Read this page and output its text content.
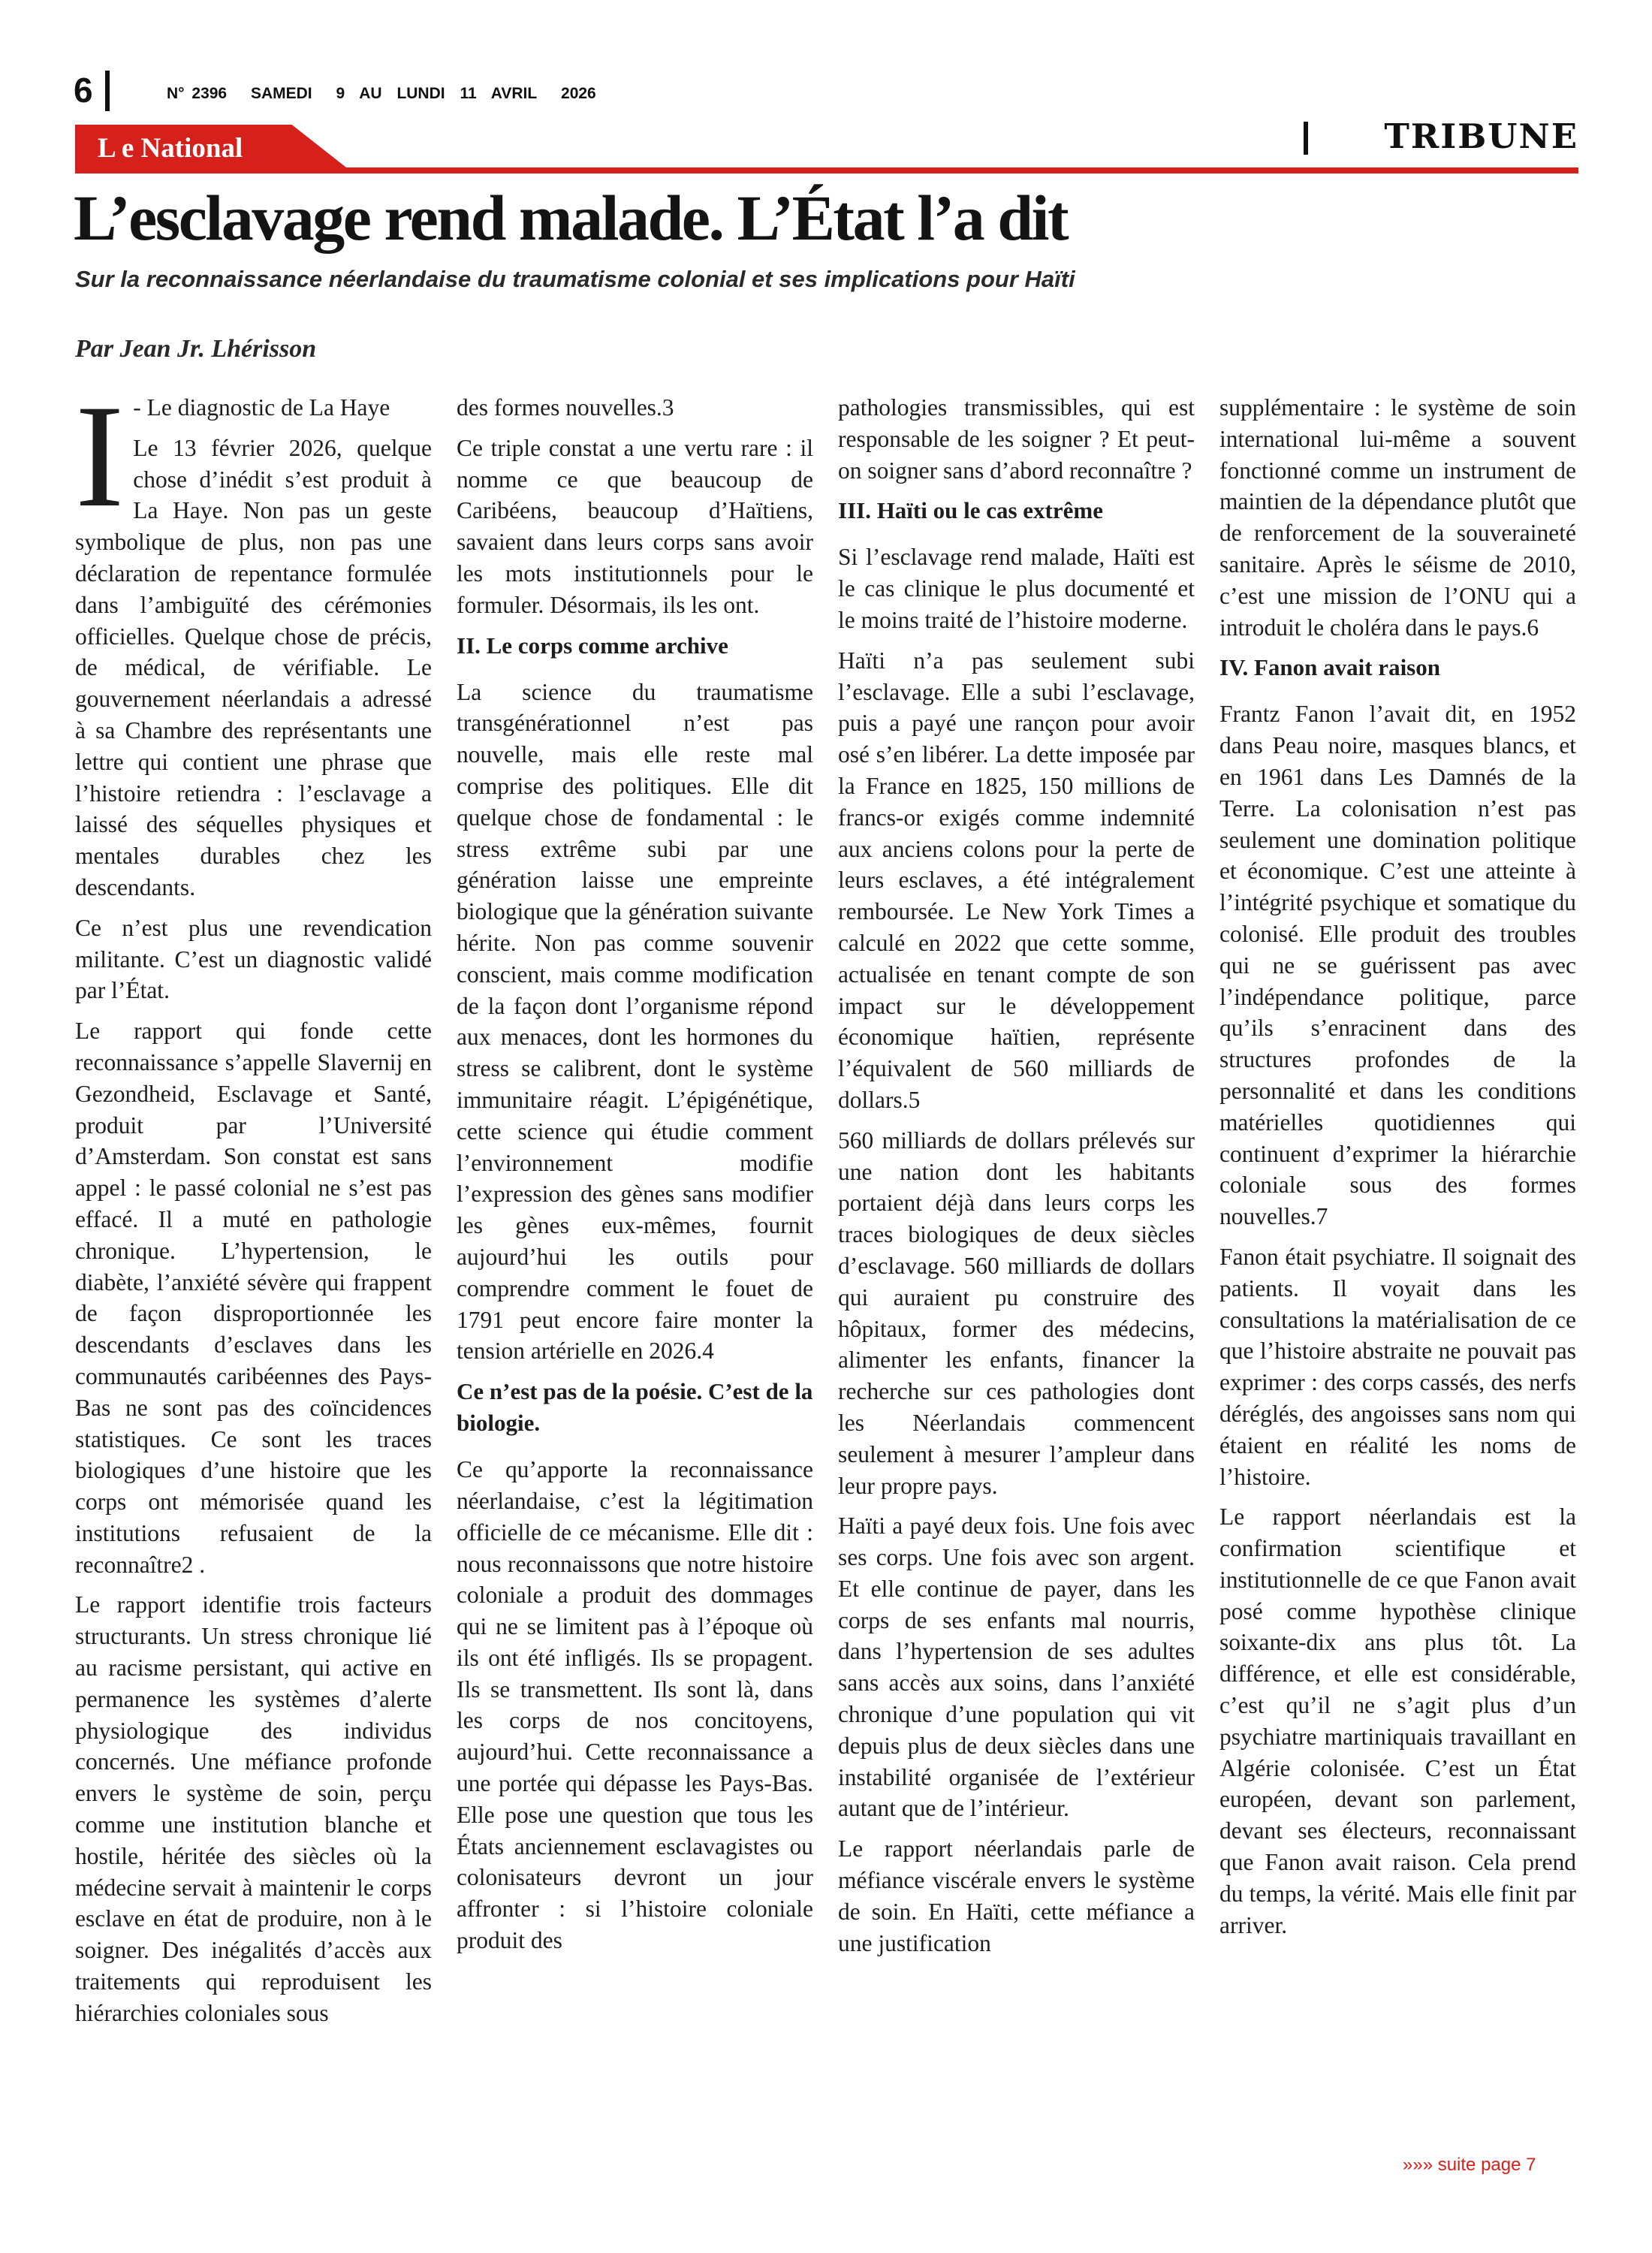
6	N° 2396 SAMEDI 9 AU LUNDI 11 AVRIL 2026
L e National	TRIBUNE
L’esclavage rend malade. L’État l’a dit
Sur la reconnaissance néerlandaise du traumatisme colonial et ses implications pour Haïti
Par Jean Jr. Lhérisson
I - Le diagnostic de La Haye

Le 13 février 2026, quelque chose d’inédit s’est produit à La Haye. Non pas un geste symbolique de plus, non pas une déclaration de repentance formulée dans l’ambiguïté des cérémonies officielles. Quelque chose de précis, de médical, de vérifiable. Le gouvernement néerlandais a adressé à sa Chambre des représentants une lettre qui contient une phrase que l’histoire retiendra : l’esclavage a laissé des séquelles physiques et mentales durables chez les descendants.

Ce n’est plus une revendication militante. C’est un diagnostic validé par l’État.

Le rapport qui fonde cette reconnaissance s’appelle Slavernij en Gezondheid, Esclavage et Santé, produit par l’Université d’Amsterdam. Son constat est sans appel : le passé colonial ne s’est pas effacé. Il a muté en pathologie chronique. L’hypertension, le diabète, l’anxiété sévère qui frappent de façon disproportionnée les descendants d’esclaves dans les communautés caribéennes des Pays-Bas ne sont pas des coïncidences statistiques. Ce sont les traces biologiques d’une histoire que les corps ont mémorisée quand les institutions refusaient de la reconnaître2 .

Le rapport identifie trois facteurs structurants. Un stress chronique lié au racisme persistant, qui active en permanence les systèmes d’alerte physiologique des individus concernés. Une méfiance profonde envers le système de soin, perçu comme une institution blanche et hostile, héritée des siècles où la médecine servait à maintenir le corps esclave en état de produire, non à le soigner. Des inégalités d’accès aux traitements qui reproduisent les hiérarchies coloniales sous

des formes nouvelles.3

Ce triple constat a une vertu rare : il nomme ce que beaucoup de Caribéens, beaucoup d’Haïtiens, savaient dans leurs corps sans avoir les mots institutionnels pour le formuler. Désormais, ils les ont.

II. Le corps comme archive

La science du traumatisme transgénérationnel n’est pas nouvelle, mais elle reste mal comprise des politiques. Elle dit quelque chose de fondamental : le stress extrême subi par une génération laisse une empreinte biologique que la génération suivante hérite. Non pas comme souvenir conscient, mais comme modification de la façon dont l’organisme répond aux menaces, dont les hormones du stress se calibrent, dont le système immunitaire réagit. L’épigénétique, cette science qui étudie comment l’environnement modifie l’expression des gènes sans modifier les gènes eux-mêmes, fournit aujourd’hui les outils pour comprendre comment le fouet de 1791 peut encore faire monter la tension artérielle en 2026.4

Ce n’est pas de la poésie. C’est de la biologie.

Ce qu’apporte la reconnaissance néerlandaise, c’est la légitimation officielle de ce mécanisme. Elle dit : nous reconnaissons que notre histoire coloniale a produit des dommages qui ne se limitent pas à l’époque où ils ont été infligés. Ils se propagent. Ils se transmettent. Ils sont là, dans les corps de nos concitoyens, aujourd’hui. Cette reconnaissance a une portée qui dépasse les Pays-Bas. Elle pose une question que tous les États anciennement esclavagistes ou colonisateurs devront un jour affronter : si l’histoire coloniale produit des

pathologies transmissibles, qui est responsable de les soigner ? Et peut-on soigner sans d’abord reconnaître ?

III. Haïti ou le cas extrême

Si l’esclavage rend malade, Haïti est le cas clinique le plus documenté et le moins traité de l’histoire moderne.

Haïti n’a pas seulement subi l’esclavage. Elle a subi l’esclavage, puis a payé une rançon pour avoir osé s’en libérer. La dette imposée par la France en 1825, 150 millions de francs-or exigés comme indemnité aux anciens colons pour la perte de leurs esclaves, a été intégralement remboursée. Le New York Times a calculé en 2022 que cette somme, actualisée en tenant compte de son impact sur le développement économique haïtien, représente l’équivalent de 560 milliards de dollars.5

560 milliards de dollars prélevés sur une nation dont les habitants portaient déjà dans leurs corps les traces biologiques de deux siècles d’esclavage. 560 milliards de dollars qui auraient pu construire des hôpitaux, former des médecins, alimenter les enfants, financer la recherche sur ces pathologies dont les Néerlandais commencent seulement à mesurer l’ampleur dans leur propre pays.

Haïti a payé deux fois. Une fois avec ses corps. Une fois avec son argent. Et elle continue de payer, dans les corps de ses enfants mal nourris, dans l’hypertension de ses adultes sans accès aux soins, dans l’anxiété chronique d’une population qui vit depuis plus de deux siècles dans une instabilité organisée de l’extérieur autant que de l’intérieur.

Le rapport néerlandais parle de méfiance viscérale envers le système de soin. En Haïti, cette méfiance a une justification

supplémentaire : le système de soin international lui-même a souvent fonctionné comme un instrument de maintien de la dépendance plutôt que de renforcement de la souveraineté sanitaire. Après le séisme de 2010, c’est une mission de l’ONU qui a introduit le choléra dans le pays.6

IV. Fanon avait raison

Frantz Fanon l’avait dit, en 1952 dans Peau noire, masques blancs, et en 1961 dans Les Damnés de la Terre. La colonisation n’est pas seulement une domination politique et économique. C’est une atteinte à l’intégrité psychique et somatique du colonisé. Elle produit des troubles qui ne se guérissent pas avec l’indépendance politique, parce qu’ils s’enracinent dans des structures profondes de la personnalité et dans les conditions matérielles quotidiennes qui continuent d’exprimer la hiérarchie coloniale sous des formes nouvelles.7

Fanon était psychiatre. Il soignait des patients. Il voyait dans les consultations la matérialisation de ce que l’histoire abstraite ne pouvait pas exprimer : des corps cassés, des nerfs déréglés, des angoisses sans nom qui étaient en réalité les noms de l’histoire.

Le rapport néerlandais est la confirmation scientifique et institutionnelle de ce que Fanon avait posé comme hypothèse clinique soixante-dix ans plus tôt. La différence, et elle est considérable, c’est qu’il ne s’agit plus d’un psychiatre martiniquais travaillant en Algérie colonisée. C’est un État européen, devant son parlement, devant ses électeurs, reconnaissant que Fanon avait raison. Cela prend du temps, la vérité. Mais elle finit par arriver.

»»» suite page 7
